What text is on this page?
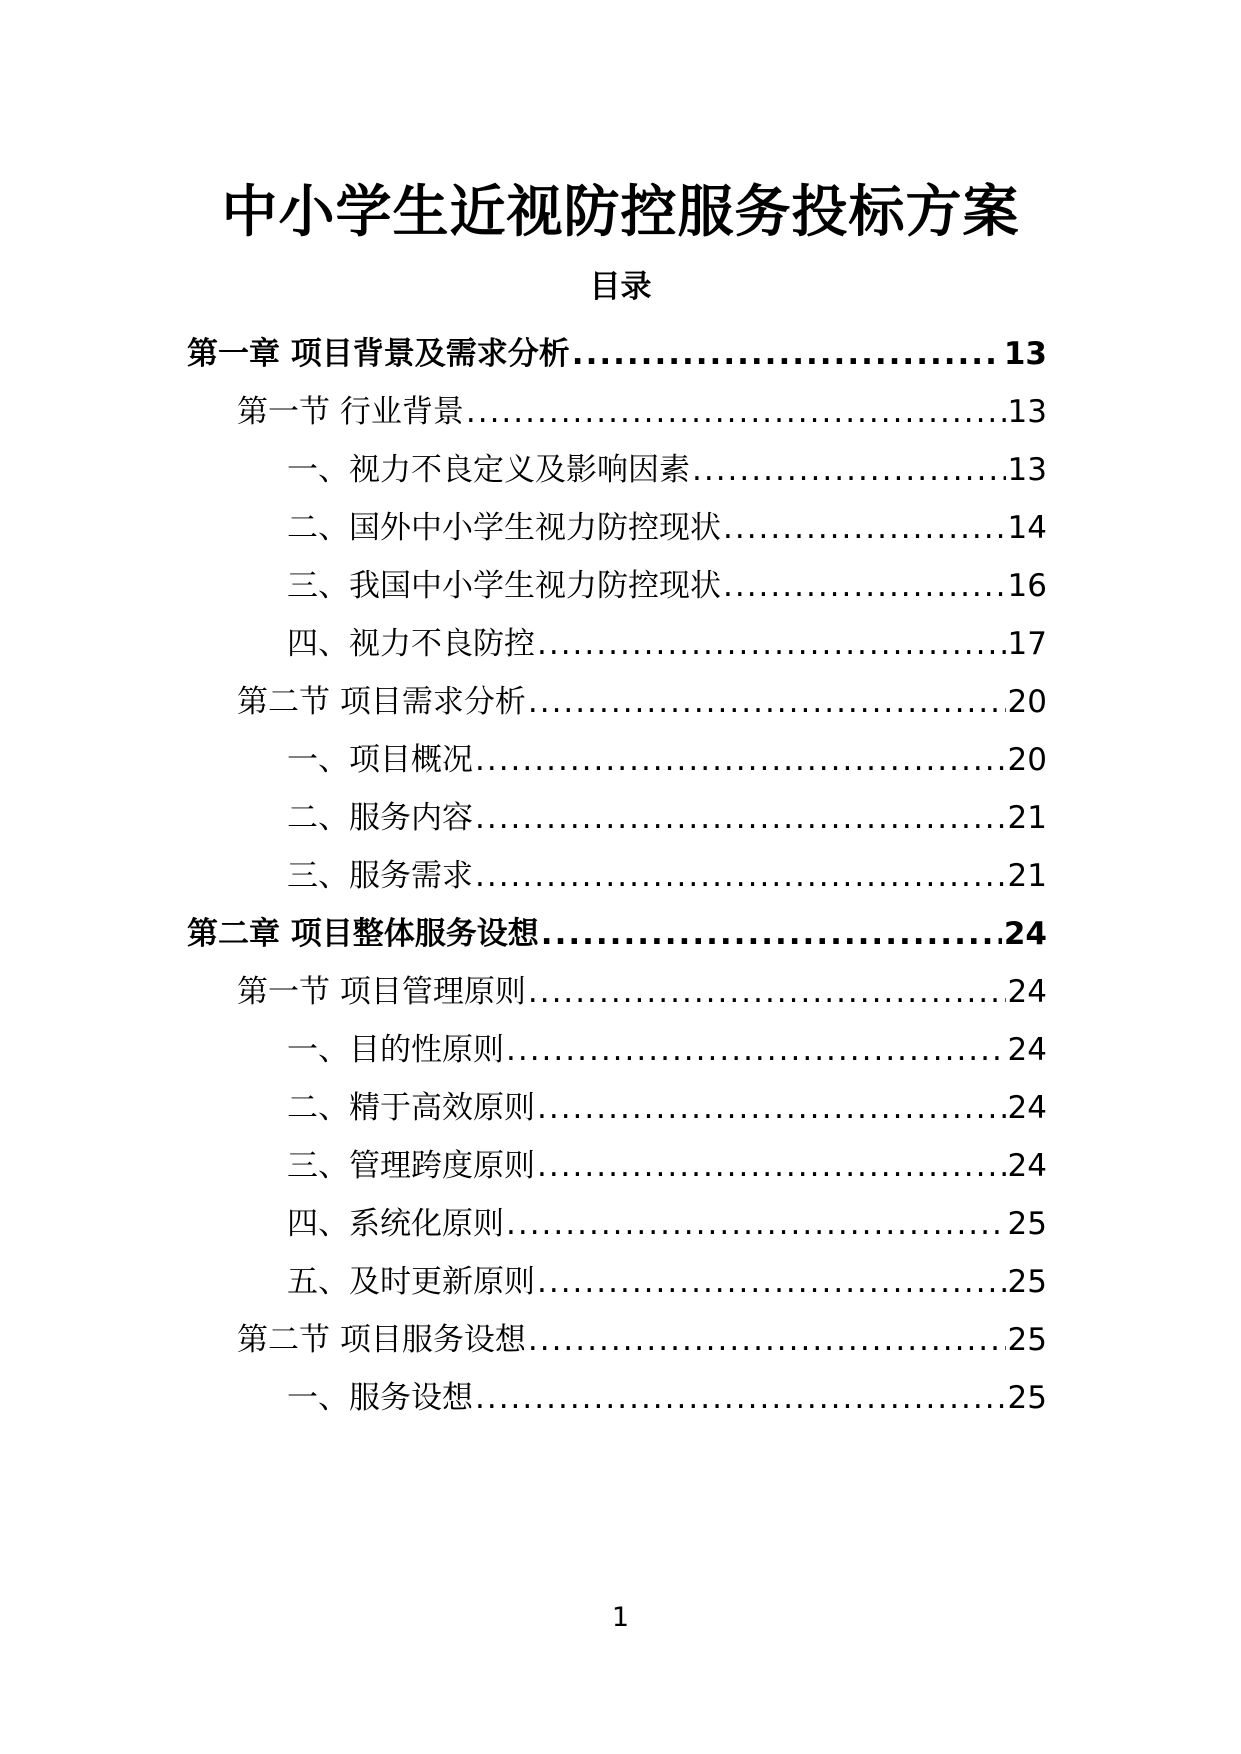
中小学生近视防控服务投标方案
目录
第一章 项目背景及需求分析 .....	13
第一节 行业背景 .....	13
一、视力不良定义及影响因素 .....	13
二、国外中小学生视力防控现状 .....	14
三、我国中小学生视力防控现状 .....	16
四、视力不良防控 .....	17
第二节 项目需求分析 .....	20
一、项目概况 .....	20
二、服务内容 .....	21
三、服务需求 .....	21
第二章 项目整体服务设想 .....	24
第一节 项目管理原则 .....	24
一、目的性原则 .....	24
二、精于高效原则 .....	24
三、管理跨度原则 .....	24
四、系统化原则 .....	25
五、及时更新原则 .....	25
第二节 项目服务设想 .....	25
一、服务设想 .....	25
1
